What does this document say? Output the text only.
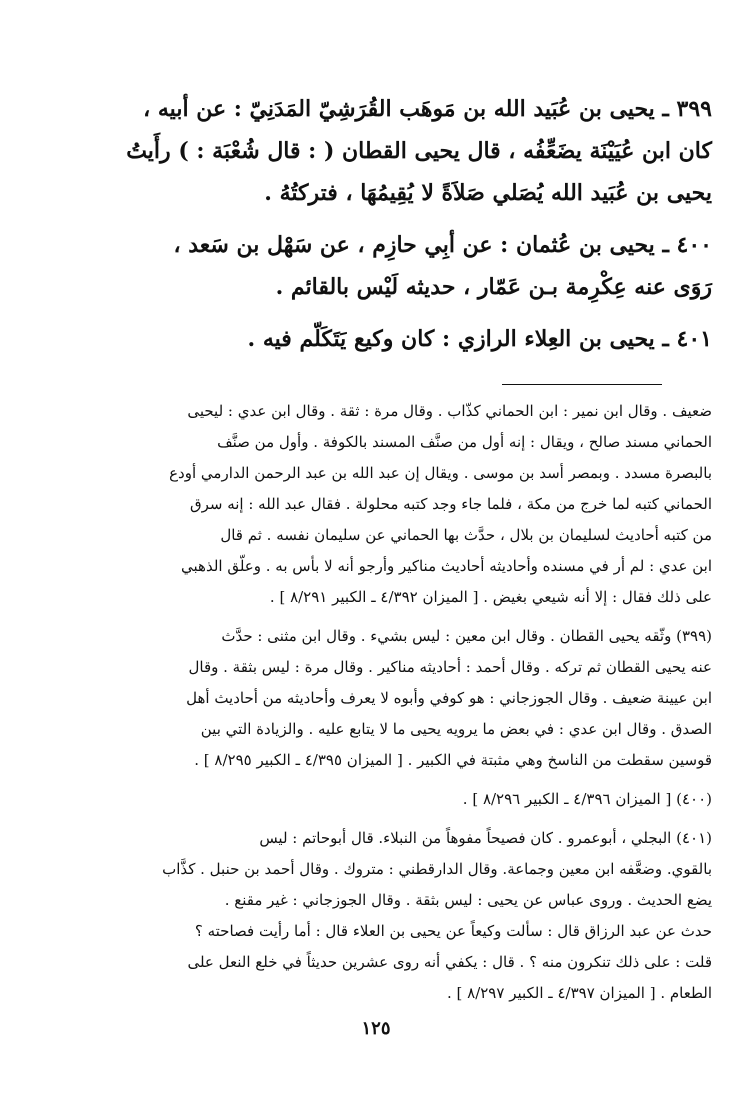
٣٩٩ ـ يحيى بن عُبَيد الله بن مَوهَب القُرَشِيّ المَدَنِيّ : عن أبيه ،
كان ابن عُيَيْنَة يضَعِّفُه ، قال يحيى القطان ( : قال شُعْبَة : ) رأَيتُ
يحيى بن عُبَيد الله يُصَلي صَلاَةً لا يُقِيمُهَا ، فتركتُهُ .
٤٠٠ ـ يحيى بن عُثمان : عن أبِي حازِم ، عن سَهْل بن سَعد ،
رَوَى عنه عِكْرِمة بـن عَمّار ، حديثه لَيْس بالقائم .
٤٠١ ـ يحيى بن العِلاء الرازي : كان وكيع يَتَكَلّم فيه .
ضعيف . وقال ابن نمير : ابن الحماني كذّاب . وقال مرة : ثقة . وقال ابن عدي : ليحيى
الحماني مسند صالح ، ويقال : إنه أول من صنَّف المسند بالكوفة . وأول من صنَّف
بالبصرة مسدد . وبمصر أسد بن موسى . ويقال إن عبد الله بن عبد الرحمن الدارمي أودع
الحماني كتبه لما خرج من مكة ، فلما جاء وجد كتبه محلولة . فقال عبد الله : إنه سرق
من كتبه أحاديث لسليمان بن بلال ، حدَّث بها الحماني عن سليمان نفسه . ثم قال
ابن عدي : لم أر في مسنده وأحاديثه أحاديث مناكير وأرجو أنه لا بأس به . وعلّق الذهبي
على ذلك فقال : إلا أنه شيعي بغيض . [ الميزان ٤/٣٩٢ ـ الكبير ٨/٢٩١ ] .
(٣٩٩) وثّقه يحيى القطان . وقال ابن معين : ليس بشيء . وقال ابن مثنى : حدَّث
عنه يحيى القطان ثم تركه . وقال أحمد : أحاديثه مناكير . وقال مرة : ليس بثقة . وقال
ابن عيينة ضعيف . وقال الجوزجاني : هو كوفي وأبوه لا يعرف وأحاديثه من أحاديث أهل
الصدق . وقال ابن عدي : في بعض ما يرويه يحيى ما لا يتابع عليه . والزيادة التي بين
قوسين سقطت من الناسخ وهي مثبتة في الكبير . [ الميزان ٤/٣٩٥ ـ الكبير ٨/٢٩٥ ] .
(٤٠٠) [ الميزان ٤/٣٩٦ ـ الكبير ٨/٢٩٦ ] .
(٤٠١) البجلي ، أبوعمرو . كان فصيحاً مفوهاً من النبلاء. قال أبوحاتم : ليس
بالقوي. وضعَّفه ابن معين وجماعة. وقال الدارقطني : متروك . وقال أحمد بن حنبل . كذَّاب
يضع الحديث . وروى عباس عن يحيى : ليس بثقة . وقال الجوزجاني : غير مقنع .
حدث عن عبد الرزاق قال : سألت وكيعاً عن يحيى بن العلاء قال : أما رأيت فصاحته ؟
قلت : على ذلك تنكرون منه ؟ . قال : يكفي أنه روى عشرين حديثاً في خلع النعل على
الطعام . [ الميزان ٤/٣٩٧ ـ الكبير ٨/٢٩٧ ] .
١٢٥
